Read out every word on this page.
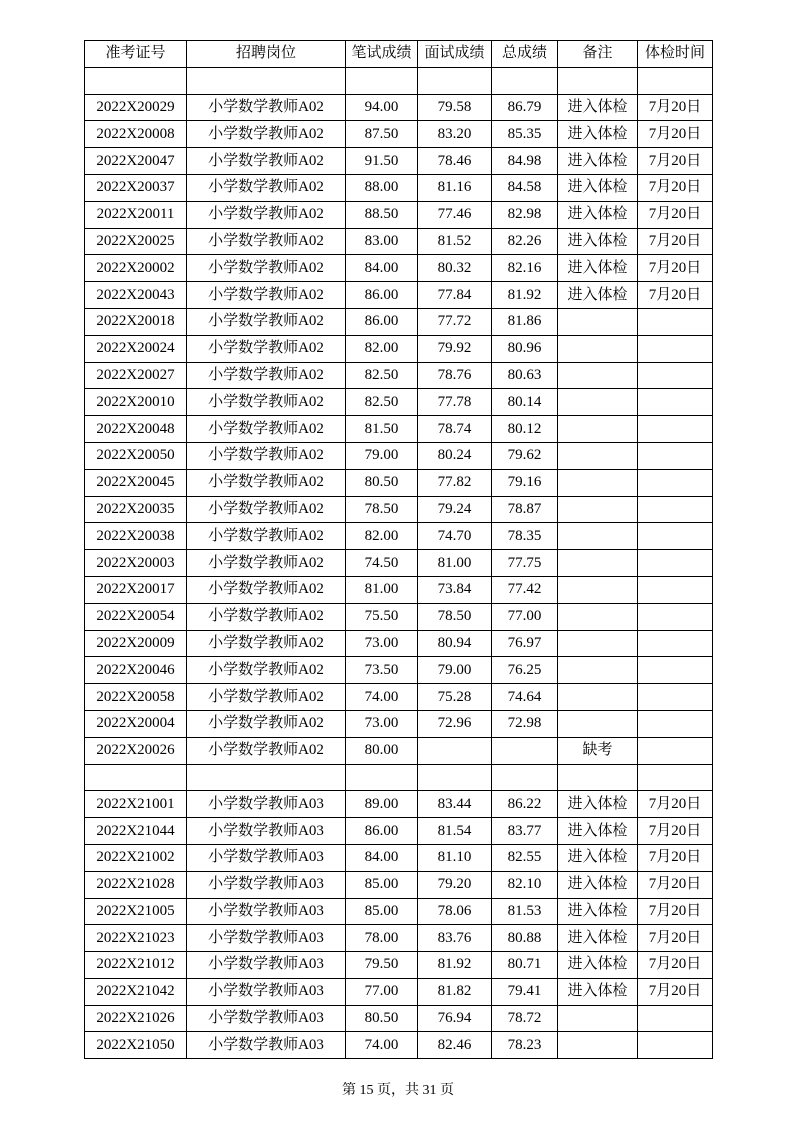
准考证号	招聘岗位	笔试成绩	面试成绩	总成绩	备注	体检时间

2022X20029	小学数学教师A02	94.00	79.58	86.79	进入体检	7月20日
2022X20008	小学数学教师A02	87.50	83.20	85.35	进入体检	7月20日
2022X20047	小学数学教师A02	91.50	78.46	84.98	进入体检	7月20日
2022X20037	小学数学教师A02	88.00	81.16	84.58	进入体检	7月20日
2022X20011	小学数学教师A02	88.50	77.46	82.98	进入体检	7月20日
2022X20025	小学数学教师A02	83.00	81.52	82.26	进入体检	7月20日
2022X20002	小学数学教师A02	84.00	80.32	82.16	进入体检	7月20日
2022X20043	小学数学教师A02	86.00	77.84	81.92	进入体检	7月20日
2022X20018	小学数学教师A02	86.00	77.72	81.86		
2022X20024	小学数学教师A02	82.00	79.92	80.96		
2022X20027	小学数学教师A02	82.50	78.76	80.63		
2022X20010	小学数学教师A02	82.50	77.78	80.14		
2022X20048	小学数学教师A02	81.50	78.74	80.12		
2022X20050	小学数学教师A02	79.00	80.24	79.62		
2022X20045	小学数学教师A02	80.50	77.82	79.16		
2022X20035	小学数学教师A02	78.50	79.24	78.87		
2022X20038	小学数学教师A02	82.00	74.70	78.35		
2022X20003	小学数学教师A02	74.50	81.00	77.75		
2022X20017	小学数学教师A02	81.00	73.84	77.42		
2022X20054	小学数学教师A02	75.50	78.50	77.00		
2022X20009	小学数学教师A02	73.00	80.94	76.97		
2022X20046	小学数学教师A02	73.50	79.00	76.25		
2022X20058	小学数学教师A02	74.00	75.28	74.64		
2022X20004	小学数学教师A02	73.00	72.96	72.98		
2022X20026	小学数学教师A02	80.00			缺考	

2022X21001	小学数学教师A03	89.00	83.44	86.22	进入体检	7月20日
2022X21044	小学数学教师A03	86.00	81.54	83.77	进入体检	7月20日
2022X21002	小学数学教师A03	84.00	81.10	82.55	进入体检	7月20日
2022X21028	小学数学教师A03	85.00	79.20	82.10	进入体检	7月20日
2022X21005	小学数学教师A03	85.00	78.06	81.53	进入体检	7月20日
2022X21023	小学数学教师A03	78.00	83.76	80.88	进入体检	7月20日
2022X21012	小学数学教师A03	79.50	81.92	80.71	进入体检	7月20日
2022X21042	小学数学教师A03	77.00	81.82	79.41	进入体检	7月20日
2022X21026	小学数学教师A03	80.50	76.94	78.72		
2022X21050	小学数学教师A03	74.00	82.46	78.23		
第 15 页，共 31 页
